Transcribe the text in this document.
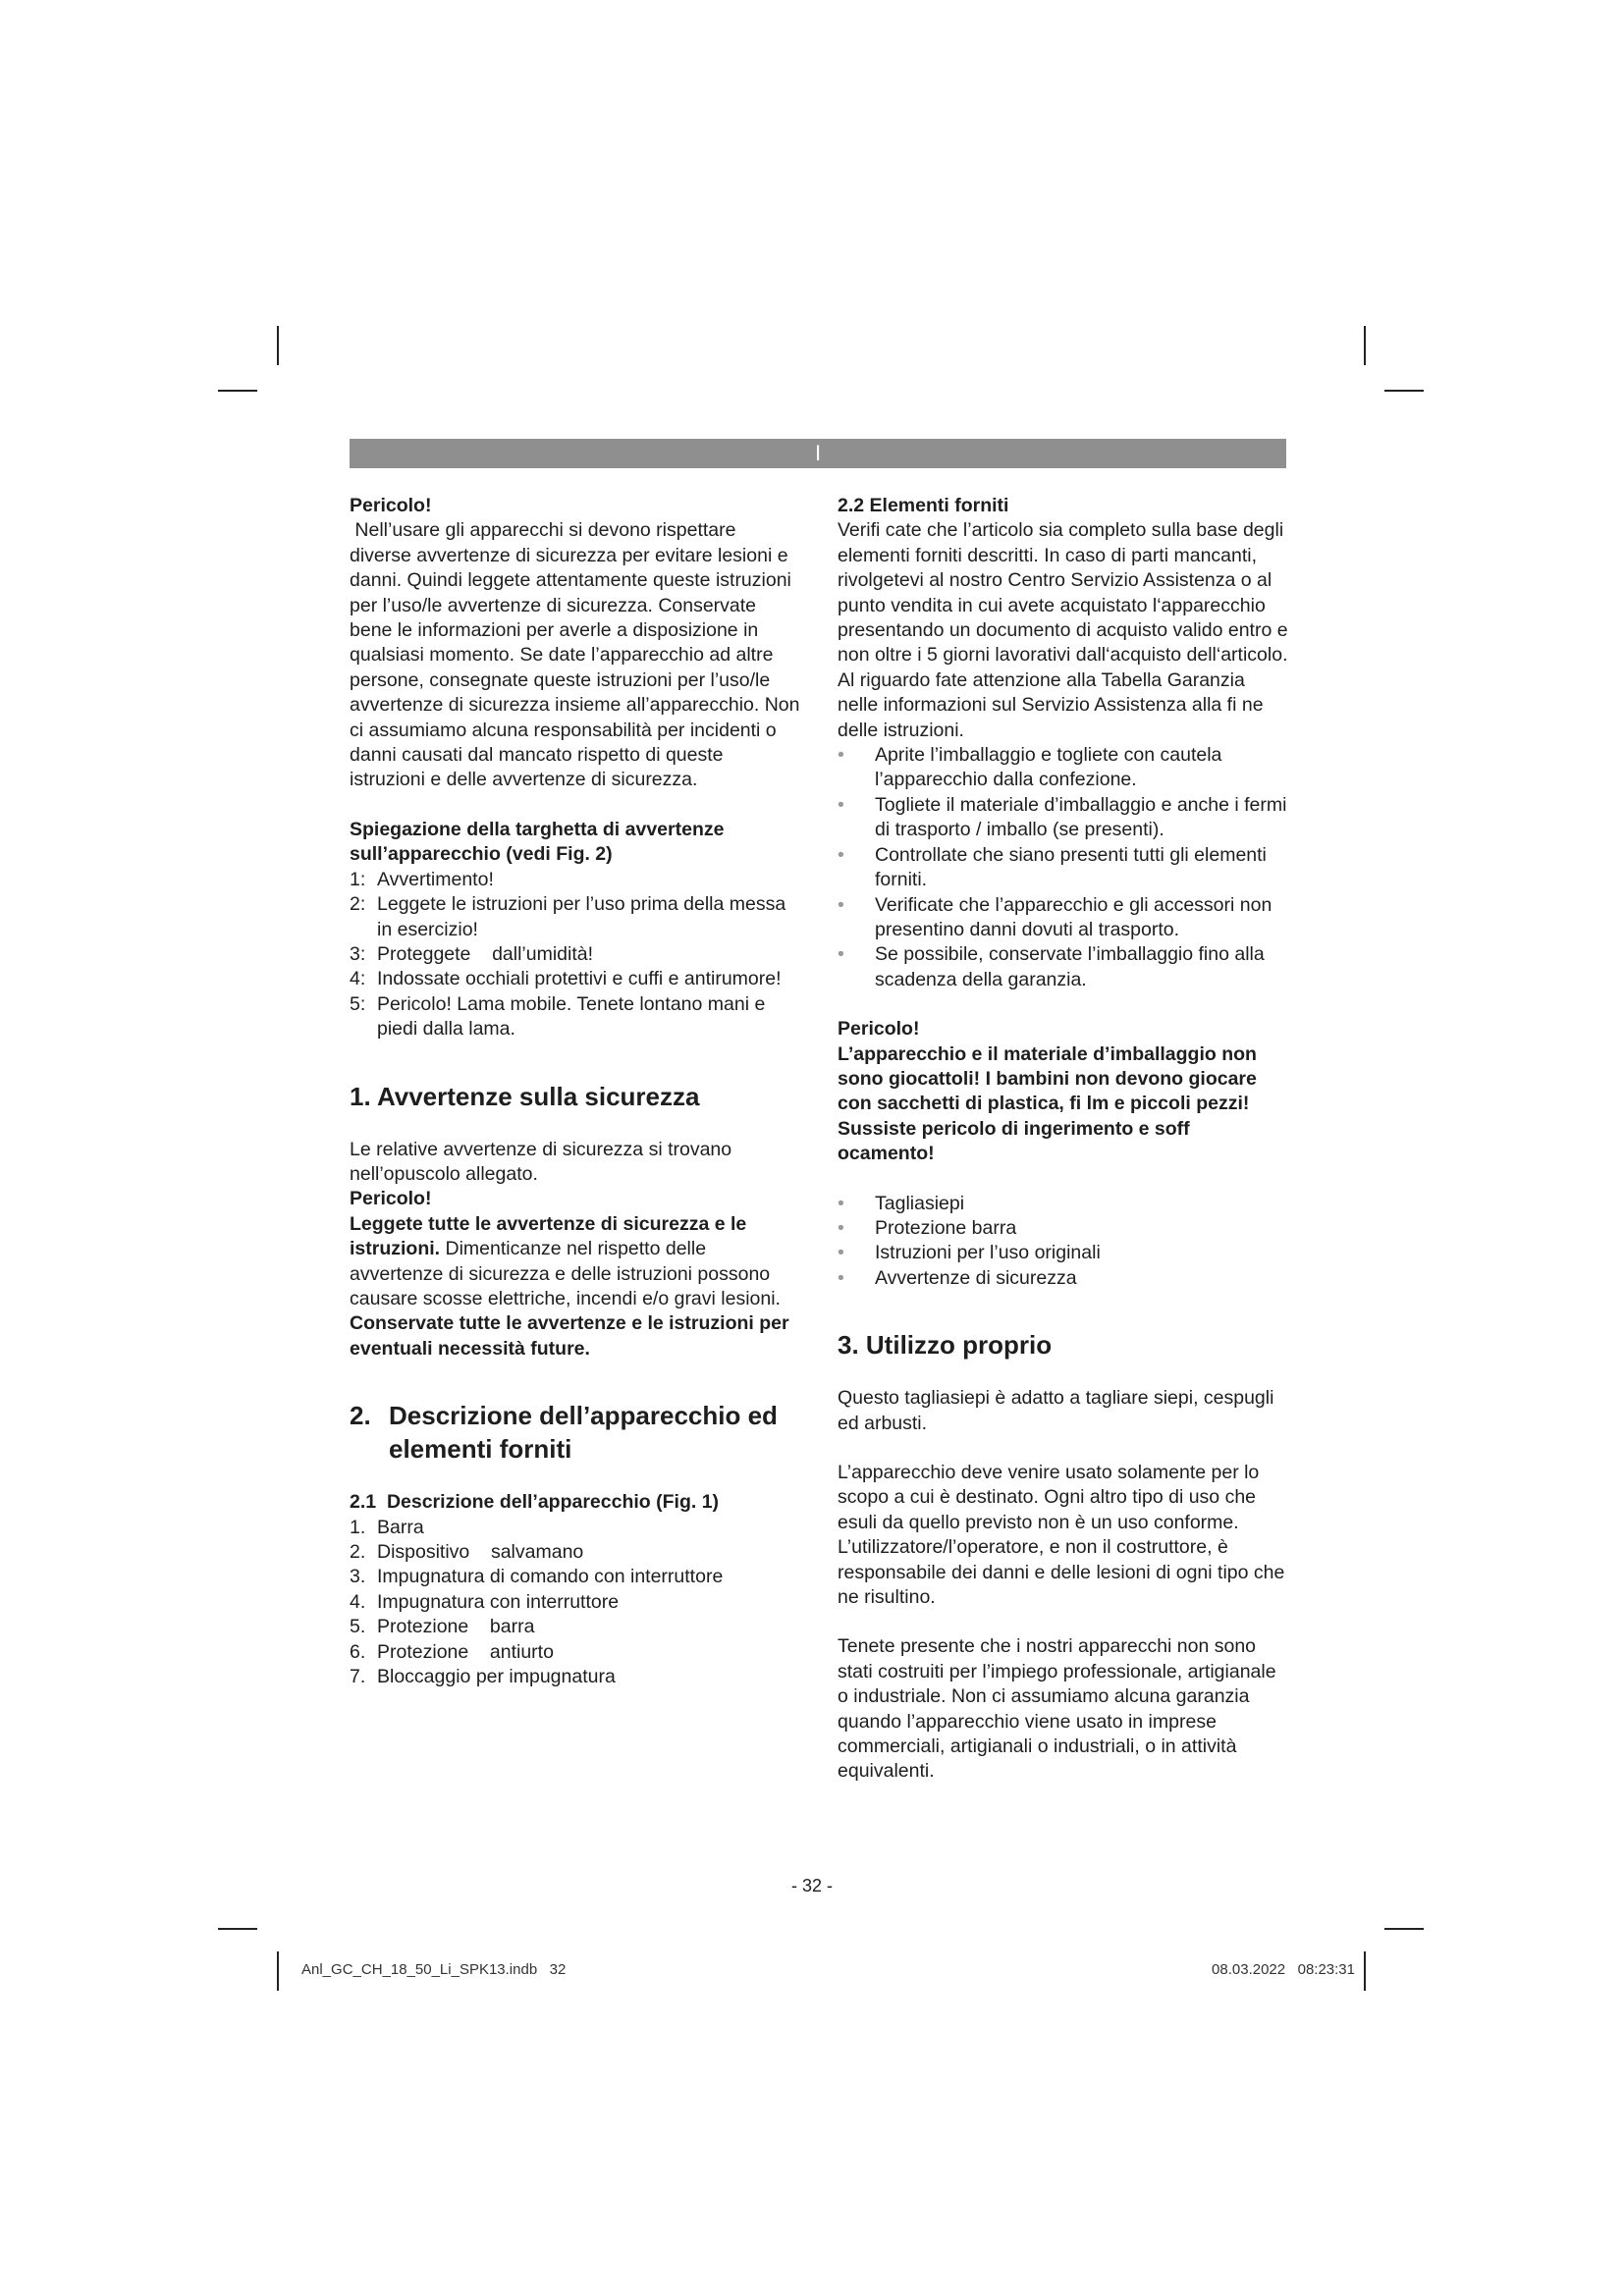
I

Pericolo!

Nell’usare gli apparecchi si devono rispettare diverse avvertenze di sicurezza per evitare lesioni e danni. Quindi leggete attentamente queste istruzioni per l’uso/le avvertenze di sicurezza. Conservate bene le informazioni per averle a disposizione in qualsiasi momento. Se date l’apparecchio ad altre persone, consegnate queste istruzioni per l’uso/le avvertenze di sicurezza insieme all’apparecchio. Non ci assumiamo alcuna responsabilità per incidenti o danni causati dal mancato rispetto di queste istruzioni e delle avvertenze di sicurezza.

Spiegazione della targhetta di avvertenze sull’apparecchio (vedi Fig. 2)

1: Avvertimento!
2: Leggete le istruzioni per l’uso prima della messa in esercizio!
3: Proteggete    dall’umidità!
4: Indossate occhiali protettivi e cuffi e antirumore!
5: Pericolo! Lama mobile. Tenete lontano mani e piedi dalla lama.

1. Avvertenze sulla sicurezza

Le relative avvertenze di sicurezza si trovano nell’opuscolo allegato.

Pericolo!

Leggete tutte le avvertenze di sicurezza e le istruzioni. Dimenticanze nel rispetto delle avvertenze di sicurezza e delle istruzioni possono causare scosse elettriche, incendi e/o gravi lesioni.

Conservate tutte le avvertenze e le istruzioni per eventuali necessità future.

2. Descrizione dell’apparecchio ed elementi forniti

2.1  Descrizione dell’apparecchio (Fig. 1)

1. Barra
2. Dispositivo    salvamano
3. Impugnatura di comando con interruttore
4. Impugnatura con interruttore
5. Protezione    barra
6. Protezione    antiurto
7. Bloccaggio per impugnatura

2.2 Elementi forniti

Verifi cate che l’articolo sia completo sulla base degli elementi forniti descritti. In caso di parti mancanti, rivolgetevi al nostro Centro Servizio Assistenza o al punto vendita in cui avete acquistato l‘apparecchio presentando un documento di acquisto valido entro e non oltre i 5 giorni lavorativi dall‘acquisto dell‘articolo. Al riguardo fate attenzione alla Tabella Garanzia nelle informazioni sul Servizio Assistenza alla fi ne delle istruzioni.

• Aprite l’imballaggio e togliete con cautela l’apparecchio dalla confezione.
• Togliete il materiale d’imballaggio e anche i fermi di trasporto / imballo (se presenti).
• Controllate che siano presenti tutti gli elementi forniti.
• Verificate che l’apparecchio e gli accessori non presentino danni dovuti al trasporto.
• Se possibile, conservate l’imballaggio fino alla scadenza della garanzia.

Pericolo!

L’apparecchio e il materiale d’imballaggio non sono giocattoli! I bambini non devono giocare con sacchetti di plastica, fi lm e piccoli pezzi! Sussiste pericolo di ingerimento e soff ocamento!

• Tagliasiepi
• Protezione barra
• Istruzioni per l’uso originali
• Avvertenze di sicurezza

3. Utilizzo proprio

Questo tagliasiepi è adatto a tagliare siepi, cespugli ed arbusti.

L’apparecchio deve venire usato solamente per lo scopo a cui è destinato. Ogni altro tipo di uso che esuli da quello previsto non è un uso conforme. L’utilizzatore/l’operatore, e non il costruttore, è responsabile dei danni e delle lesioni di ogni tipo che ne risultino.

Tenete presente che i nostri apparecchi non sono stati costruiti per l’impiego professionale, artigianale o industriale. Non ci assumiamo alcuna garanzia quando l’apparecchio viene usato in imprese commerciali, artigianali o industriali, o in attività equivalenti.

- 32 -
Anl_GC_CH_18_50_Li_SPK13.indb   32	08.03.2022   08:23:31
